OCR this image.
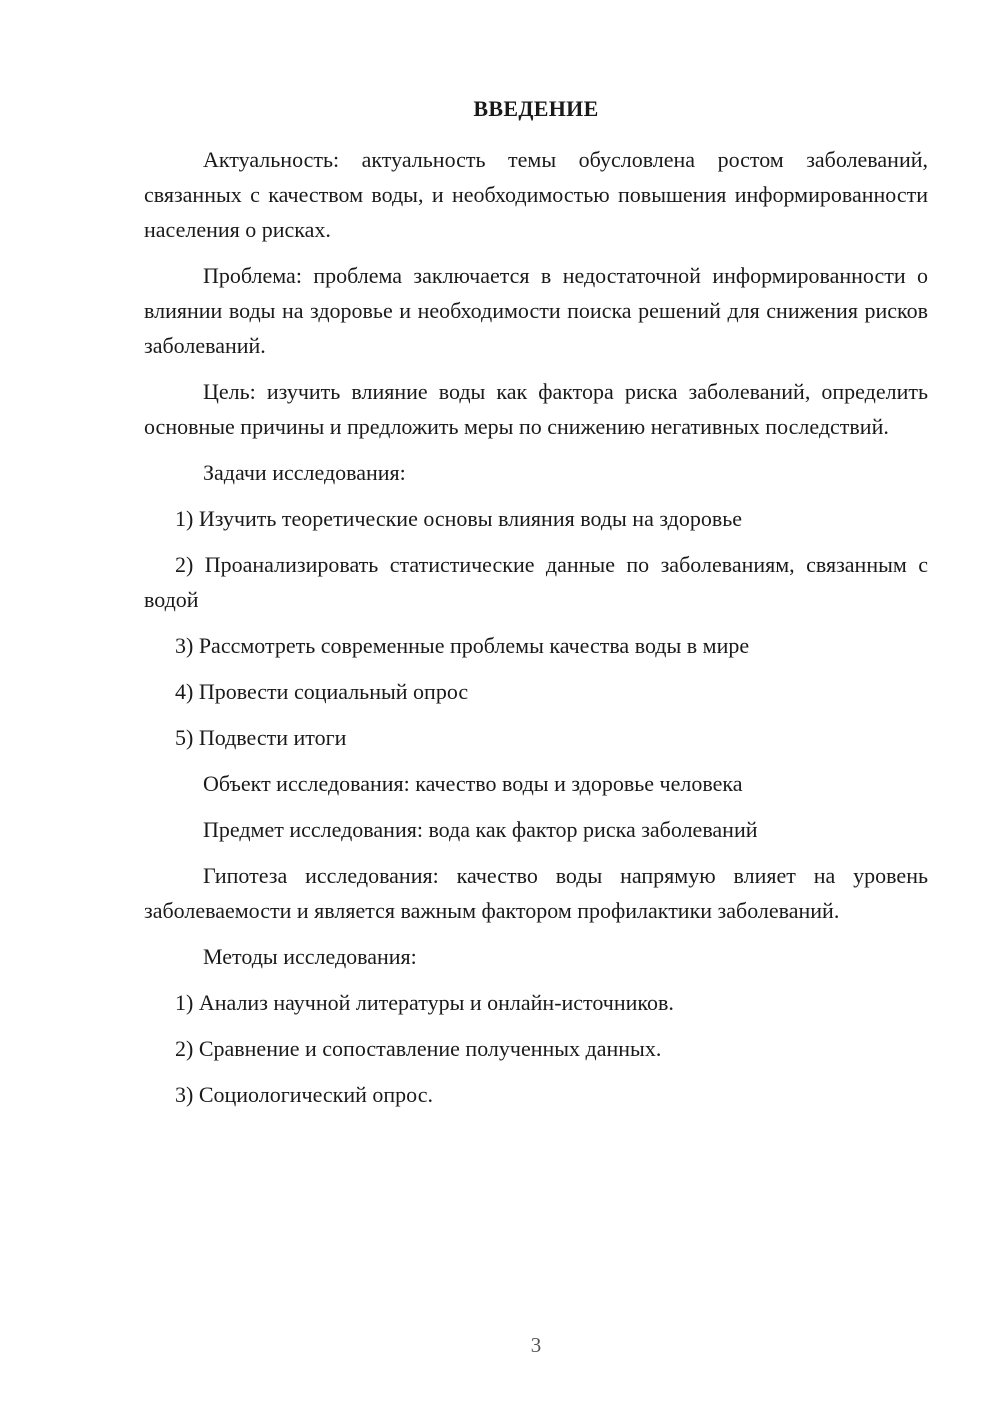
ВВЕДЕНИЕ

Актуальность: актуальность темы обусловлена ростом заболеваний, связанных с качеством воды, и необходимостью повышения информированности населения о рисках.

Проблема: проблема заключается в недостаточной информированности о влиянии воды на здоровье и необходимости поиска решений для снижения рисков заболеваний.

Цель: изучить влияние воды как фактора риска заболеваний, определить основные причины и предложить меры по снижению негативных последствий.

Задачи исследования:

1) Изучить теоретические основы влияния воды на здоровье

2) Проанализировать статистические данные по заболеваниям, связанным с водой

3) Рассмотреть современные проблемы качества воды в мире

4) Провести социальный опрос

5) Подвести итоги

Объект исследования: качество воды и здоровье человека

Предмет исследования: вода как фактор риска заболеваний

Гипотеза исследования: качество воды напрямую влияет на уровень заболеваемости и является важным фактором профилактики заболеваний.

Методы исследования:

1) Анализ научной литературы и онлайн-источников.

2) Сравнение и сопоставление полученных данных.

3) Социологический опрос.

3
